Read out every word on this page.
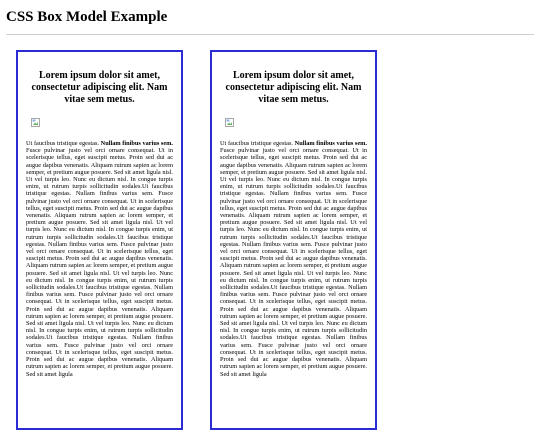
CSS Box Model Example
Lorem ipsum dolor sit amet, consectetur adipiscing elit. Nam vitae sem metus.

Ut faucibus tristique egestas. Nullam finibus varius sem. Fusce pulvinar justo vel orci ornare consequat. Ut in scelerisque tellus, eget suscipit metus. Proin sed dui ac augue dapibus venenatis. Aliquam rutrum sapien ac lorem semper, et pretium augue posuere. Sed sit amet ligula nisl. Ut vel turpis leo. Nunc eu dictum nisl. In congue turpis enim, ut rutrum turpis sollicitudin sodales.Ut faucibus tristique egestas. Nullam finibus varius sem. Fusce pulvinar justo vel orci ornare consequat. Ut in scelerisque tellus, eget suscipit metus. Proin sed dui ac augue dapibus venenatis. Aliquam rutrum sapien ac lorem semper, et pretium augue posuere. Sed sit amet ligula nisl. Ut vel turpis leo. Nunc eu dictum nisl. In congue turpis enim, ut rutrum turpis sollicitudin sodales.Ut faucibus tristique egestas. Nullam finibus varius sem. Fusce pulvinar justo vel orci ornare consequat. Ut in scelerisque tellus, eget suscipit metus. Proin sed dui ac augue dapibus venenatis. Aliquam rutrum sapien ac lorem semper, et pretium augue posuere. Sed sit amet ligula nisl. Ut vel turpis leo. Nunc eu dictum nisl. In congue turpis enim, ut rutrum turpis sollicitudin sodales.Ut faucibus tristique egestas. Nullam finibus varius sem. Fusce pulvinar justo vel orci ornare consequat. Ut in scelerisque tellus, eget suscipit metus. Proin sed dui ac augue dapibus venenatis. Aliquam rutrum sapien ac lorem semper, et pretium augue posuere. Sed sit amet ligula nisl. Ut vel turpis leo. Nunc eu dictum nisl. In congue turpis enim, ut rutrum turpis sollicitudin sodales.Ut faucibus tristique egestas. Nullam finibus varius sem. Fusce pulvinar justo vel orci ornare consequat. Ut in scelerisque tellus, eget suscipit metus. Proin sed dui ac augue dapibus venenatis. Aliquam rutrum sapien ac lorem semper, et pretium augue posuere. Sed sit amet ligula

Lorem ipsum dolor sit amet, consectetur adipiscing elit. Nam vitae sem metus.

Ut faucibus tristique egestas. Nullam finibus varius sem. Fusce pulvinar justo vel orci ornare consequat. Ut in scelerisque tellus, eget suscipit metus. Proin sed dui ac augue dapibus venenatis. Aliquam rutrum sapien ac lorem semper, et pretium augue posuere. Sed sit amet ligula nisl. Ut vel turpis leo. Nunc eu dictum nisl. In congue turpis enim, ut rutrum turpis sollicitudin sodales.Ut faucibus tristique egestas. Nullam finibus varius sem. Fusce pulvinar justo vel orci ornare consequat. Ut in scelerisque tellus, eget suscipit metus. Proin sed dui ac augue dapibus venenatis. Aliquam rutrum sapien ac lorem semper, et pretium augue posuere. Sed sit amet ligula nisl. Ut vel turpis leo. Nunc eu dictum nisl. In congue turpis enim, ut rutrum turpis sollicitudin sodales.Ut faucibus tristique egestas. Nullam finibus varius sem. Fusce pulvinar justo vel orci ornare consequat. Ut in scelerisque tellus, eget suscipit metus. Proin sed dui ac augue dapibus venenatis. Aliquam rutrum sapien ac lorem semper, et pretium augue posuere. Sed sit amet ligula nisl. Ut vel turpis leo. Nunc eu dictum nisl. In congue turpis enim, ut rutrum turpis sollicitudin sodales.Ut faucibus tristique egestas. Nullam finibus varius sem. Fusce pulvinar justo vel orci ornare consequat. Ut in scelerisque tellus, eget suscipit metus. Proin sed dui ac augue dapibus venenatis. Aliquam rutrum sapien ac lorem semper, et pretium augue posuere. Sed sit amet ligula nisl. Ut vel turpis leo. Nunc eu dictum nisl. In congue turpis enim, ut rutrum turpis sollicitudin sodales.Ut faucibus tristique egestas. Nullam finibus varius sem. Fusce pulvinar justo vel orci ornare consequat. Ut in scelerisque tellus, eget suscipit metus. Proin sed dui ac augue dapibus venenatis. Aliquam rutrum sapien ac lorem semper, et pretium augue posuere. Sed sit amet ligula
